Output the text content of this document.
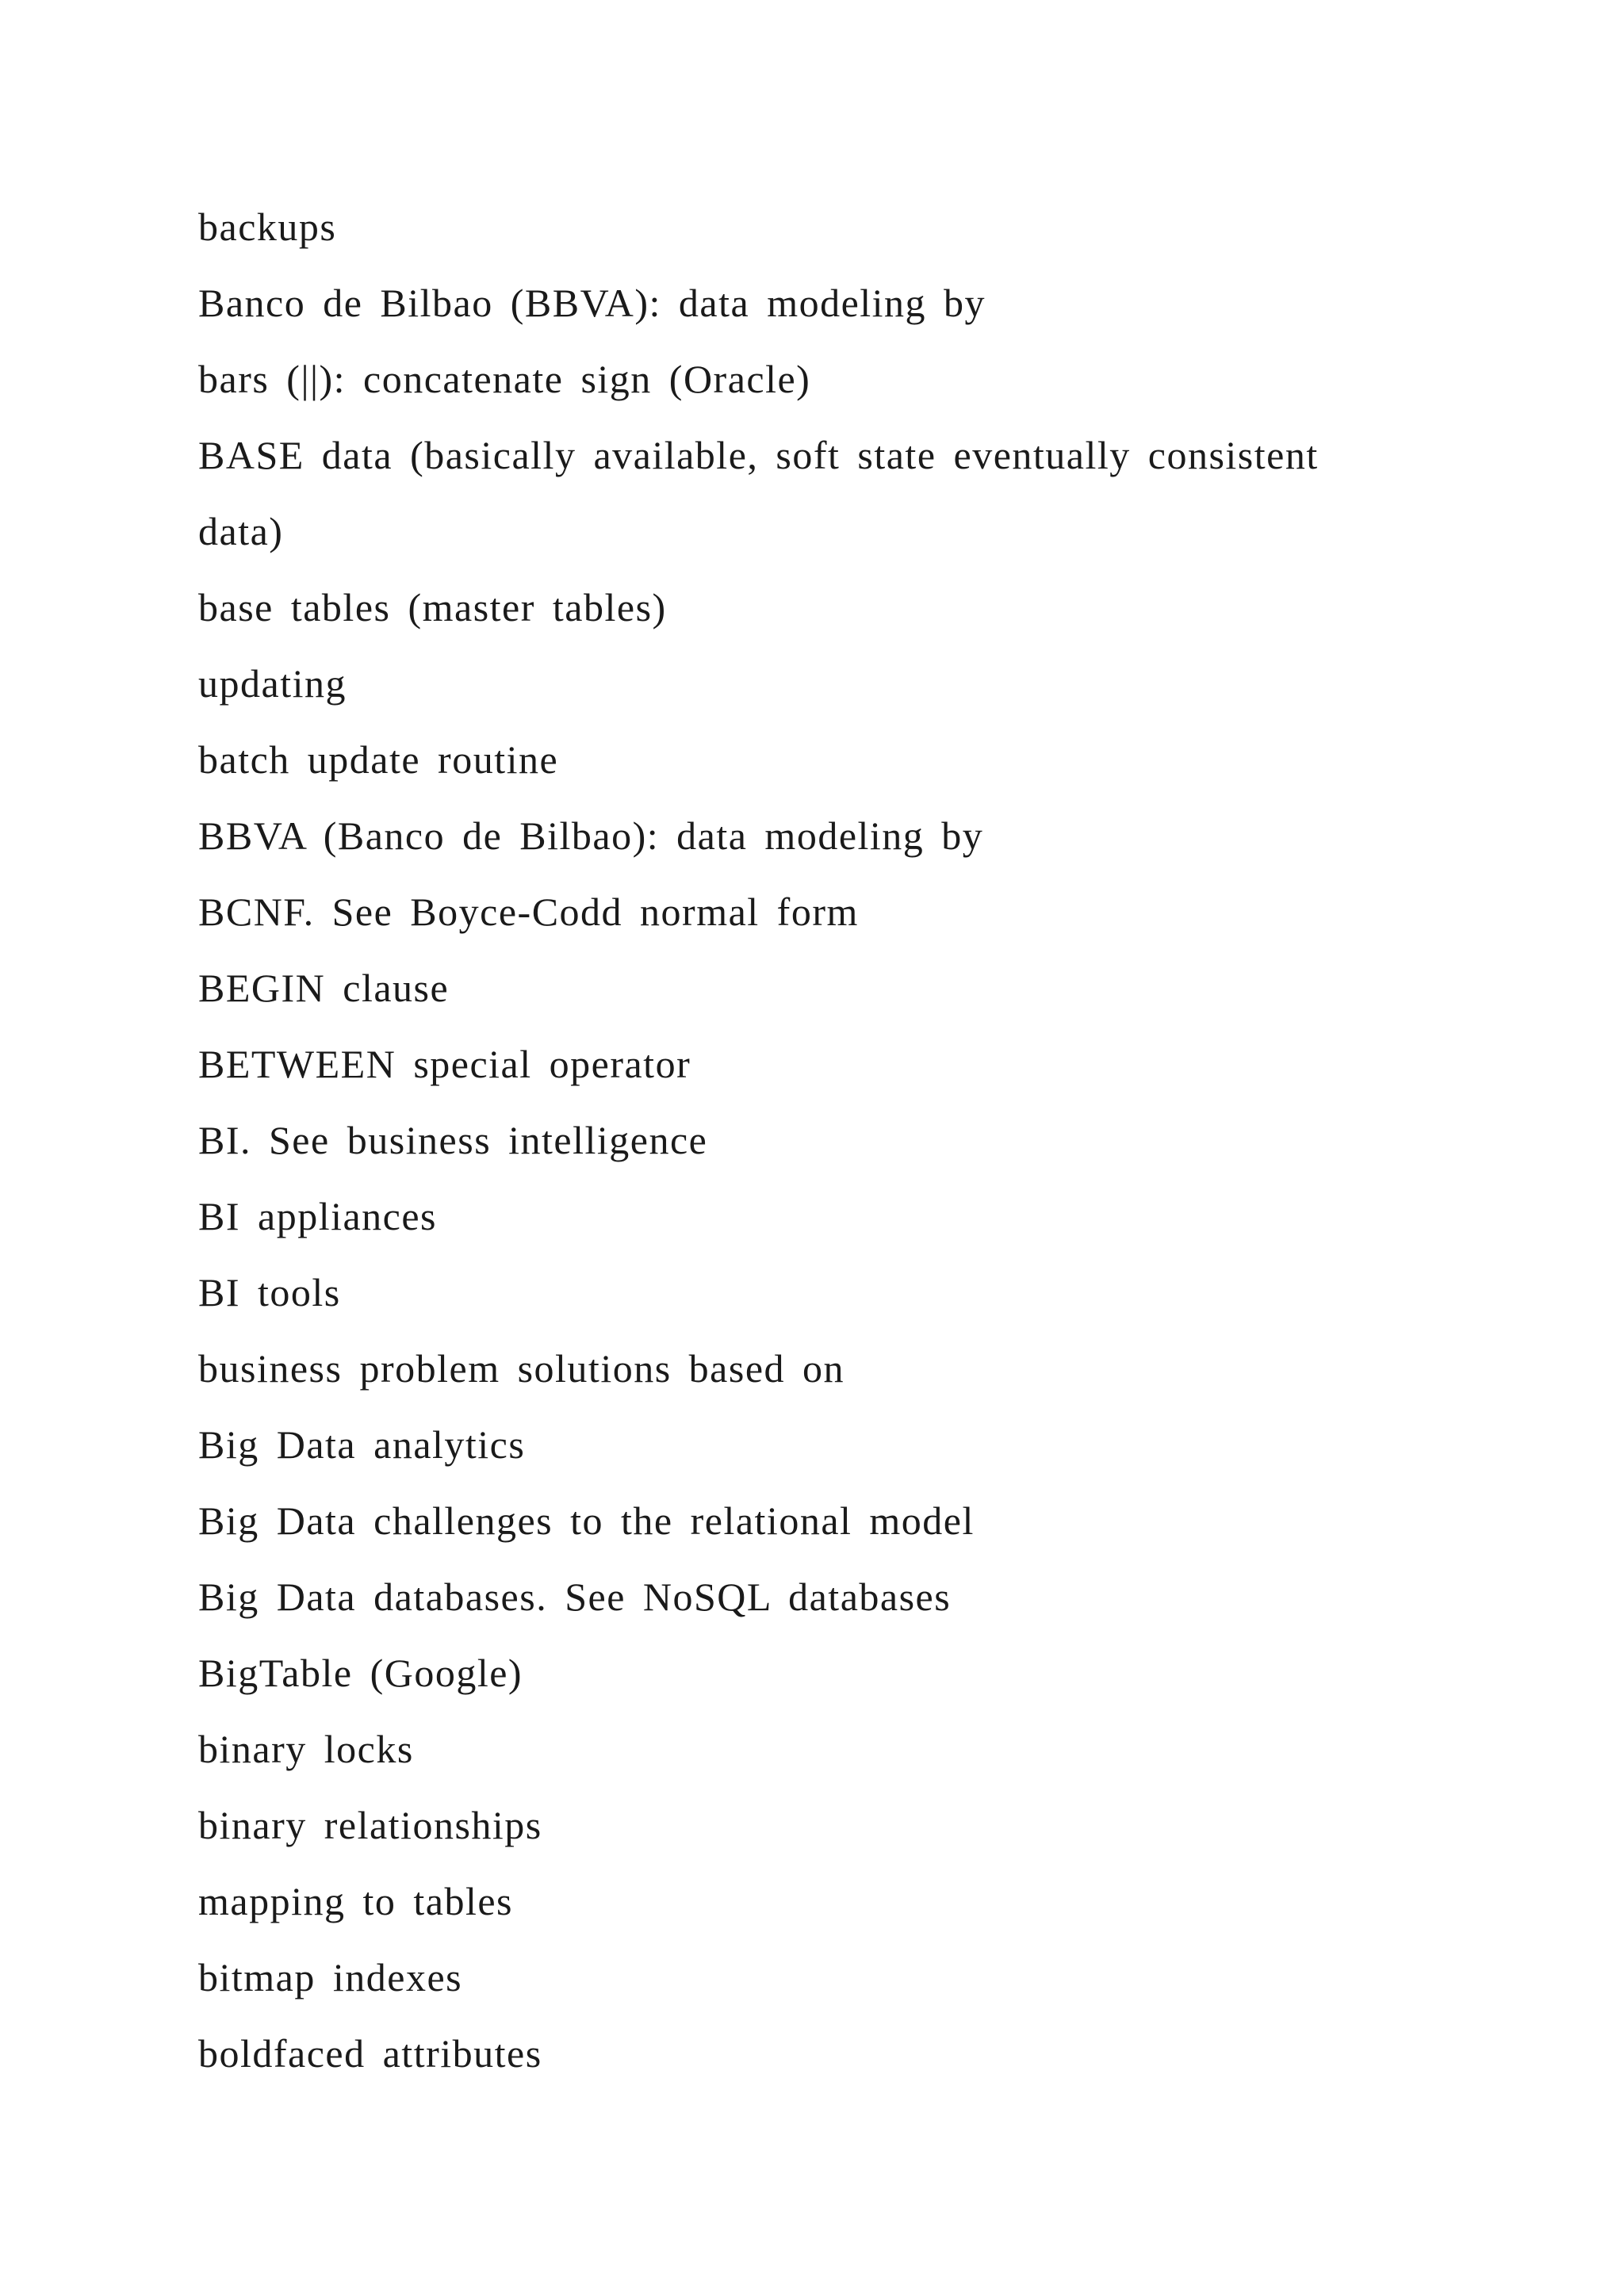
backups
Banco de Bilbao (BBVA): data modeling by
bars (||): concatenate sign (Oracle)
BASE data (basically available, soft state eventually consistent
data)
base tables (master tables)
updating
batch update routine
BBVA (Banco de Bilbao): data modeling by
BCNF. See Boyce-Codd normal form
BEGIN clause
BETWEEN special operator
BI. See business intelligence
BI appliances
BI tools
business problem solutions based on
Big Data analytics
Big Data challenges to the relational model
Big Data databases. See NoSQL databases
BigTable (Google)
binary locks
binary relationships
mapping to tables
bitmap indexes
boldfaced attributes
